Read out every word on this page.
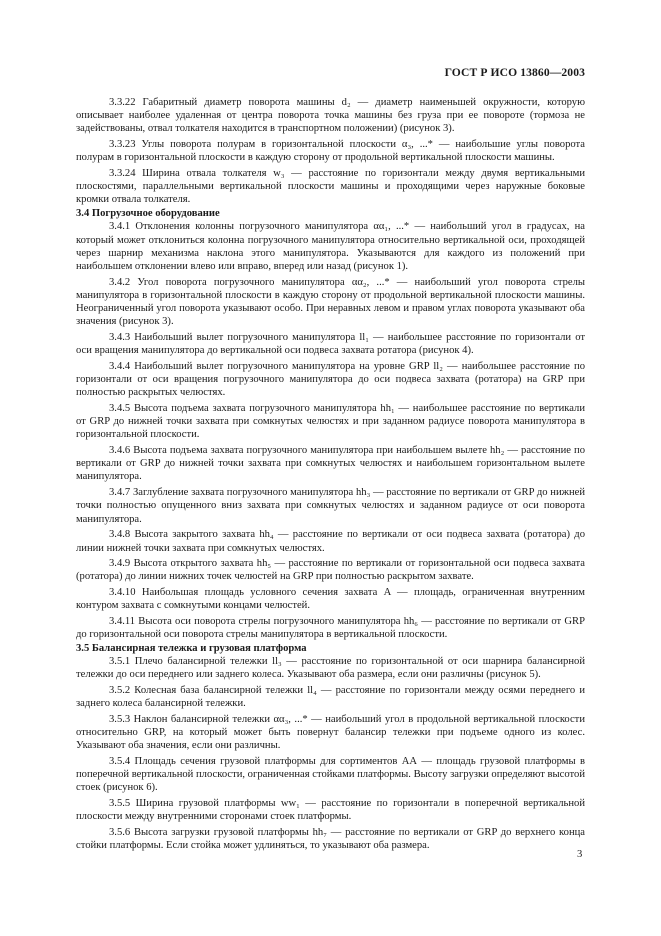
ГОСТ Р ИСО 13860—2003

3.3.22 Габаритный диаметр поворота машины d₂ — диаметр наименьшей окружности, которую описывает наиболее удаленная от центра поворота точка машины без груза при ее повороте (тормоза не задействованы, отвал толкателя находится в транспортном положении) (рисунок 3).

3.3.23 Углы поворота полурам в горизонтальной плоскости α₃, ...* — наибольшие углы поворота полурам в горизонтальной плоскости в каждую сторону от продольной вертикальной плоскости машины.

3.3.24 Ширина отвала толкателя w₃ — расстояние по горизонтали между двумя вертикальными плоскостями, параллельными вертикальной плоскости машины и проходящими через наружные боковые кромки отвала толкателя.

3.4 Погрузочное оборудование

3.4.1 Отклонения колонны погрузочного манипулятора αα₁, ...* — наибольший угол в градусах, на который может отклониться колонна погрузочного манипулятора относительно вертикальной оси, проходящей через шарнир механизма наклона этого манипулятора. Указываются для каждого из положений при наибольшем отклонении влево или вправо, вперед или назад (рисунок 1).

3.4.2 Угол поворота погрузочного манипулятора αα₂, ...* — наибольший угол поворота стрелы манипулятора в горизонтальной плоскости в каждую сторону от продольной вертикальной плоскости машины. Неограниченный угол поворота указывают особо. При неравных левом и правом углах поворота указывают оба значения (рисунок 3).

3.4.3 Наибольший вылет погрузочного манипулятора ll₁ — наибольшее расстояние по горизонтали от оси вращения манипулятора до вертикальной оси подвеса захвата ротатора (рисунок 4).

3.4.4 Наибольший вылет погрузочного манипулятора на уровне GRP ll₂ — наибольшее расстояние по горизонтали от оси вращения погрузочного манипулятора до оси подвеса захвата (ротатора) на GRP при полностью раскрытых челюстях.

3.4.5 Высота подъема захвата погрузочного манипулятора hh₁ — наибольшее расстояние по вертикали от GRP до нижней точки захвата при сомкнутых челюстях и при заданном радиусе поворота манипулятора в горизонтальной плоскости.

3.4.6 Высота подъема захвата погрузочного манипулятора при наибольшем вылете hh₂ — расстояние по вертикали от GRP до нижней точки захвата при сомкнутых челюстях и наибольшем горизонтальном вылете манипулятора.

3.4.7 Заглубление захвата погрузочного манипулятора hh₃ — расстояние по вертикали от GRP до нижней точки полностью опущенного вниз захвата при сомкнутых челюстях и заданном радиусе от оси поворота манипулятора.

3.4.8 Высота закрытого захвата hh₄ — расстояние по вертикали от оси подвеса захвата (ротатора) до линии нижней точки захвата при сомкнутых челюстях.

3.4.9 Высота открытого захвата hh₅ — расстояние по вертикали от горизонтальной оси подвеса захвата (ротатора) до линии нижних точек челюстей на GRP при полностью раскрытом захвате.

3.4.10 Наибольшая площадь условного сечения захвата A — площадь, ограниченная внутренним контуром захвата с сомкнутыми концами челюстей.

3.4.11 Высота оси поворота стрелы погрузочного манипулятора hh₆ — расстояние по вертикали от GRP до горизонтальной оси поворота стрелы манипулятора в вертикальной плоскости.

3.5 Балансирная тележка и грузовая платформа

3.5.1 Плечо балансирной тележки ll₃ — расстояние по горизонтальной от оси шарнира балансирной тележки до оси переднего или заднего колеса. Указывают оба размера, если они различны (рисунок 5).

3.5.2 Колесная база балансирной тележки ll₄ — расстояние по горизонтали между осями переднего и заднего колеса балансирной тележки.

3.5.3 Наклон балансирной тележки αα₃, ...* — наибольший угол в продольной вертикальной плоскости относительно GRP, на который может быть повернут балансир тележки при подъеме одного из колес. Указывают оба значения, если они различны.

3.5.4 Площадь сечения грузовой платформы для сортиментов АА — площадь грузовой платформы в поперечной вертикальной плоскости, ограниченная стойками платформы. Высоту загрузки определяют высотой стоек (рисунок 6).

3.5.5 Ширина грузовой платформы ww₁ — расстояние по горизонтали в поперечной вертикальной плоскости между внутренними сторонами стоек платформы.

3.5.6 Высота загрузки грузовой платформы hh₇ — расстояние по вертикали от GRP до верхнего конца стойки платформы. Если стойка может удлиняться, то указывают оба размера.

3
